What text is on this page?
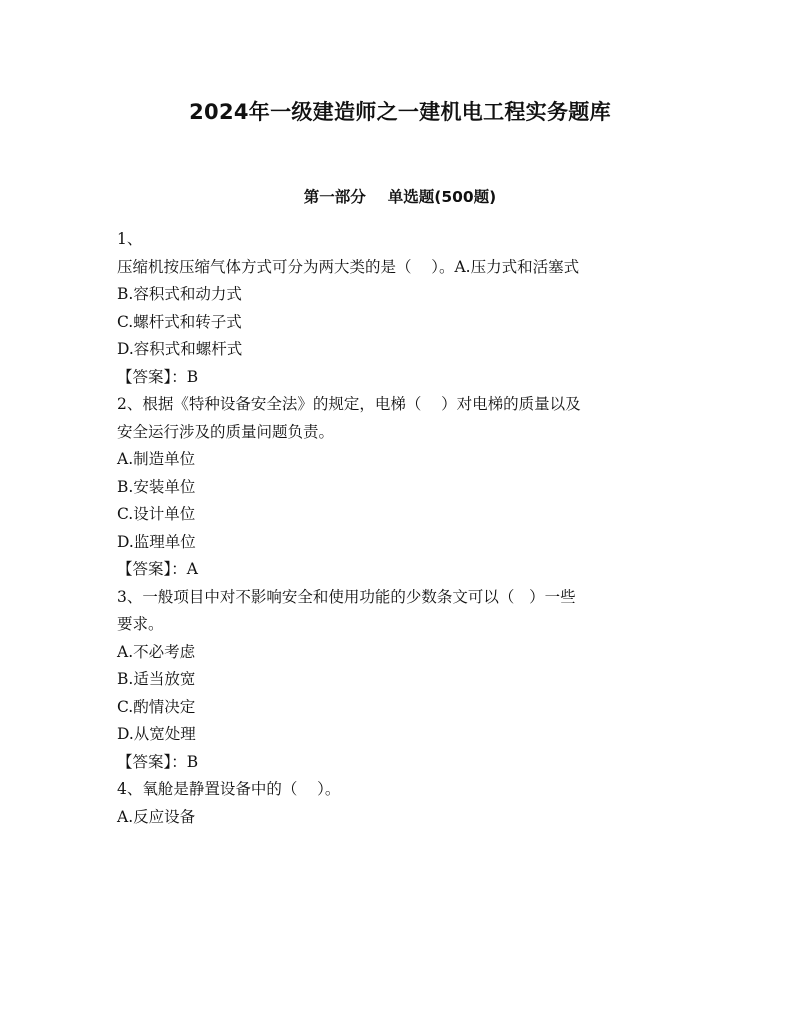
2024年一级建造师之一建机电工程实务题库
第一部分 单选题(500题)

1、

压缩机按压缩气体方式可分为两大类的是（    ）。A.压力式和活塞式

B.容积式和动力式

C.螺杆式和转子式

D.容积式和螺杆式

【答案】：B

2、根据《特种设备安全法》的规定，电梯（    ）对电梯的质量以及

安全运行涉及的质量问题负责。

A.制造单位

B.安装单位

C.设计单位

D.监理单位

【答案】：A

3、一般项目中对不影响安全和使用功能的少数条文可以（   ）一些

要求。

A.不必考虑

B.适当放宽

C.酌情决定

D.从宽处理

【答案】：B

4、氧舱是静置设备中的（    ）。

A.反应设备
